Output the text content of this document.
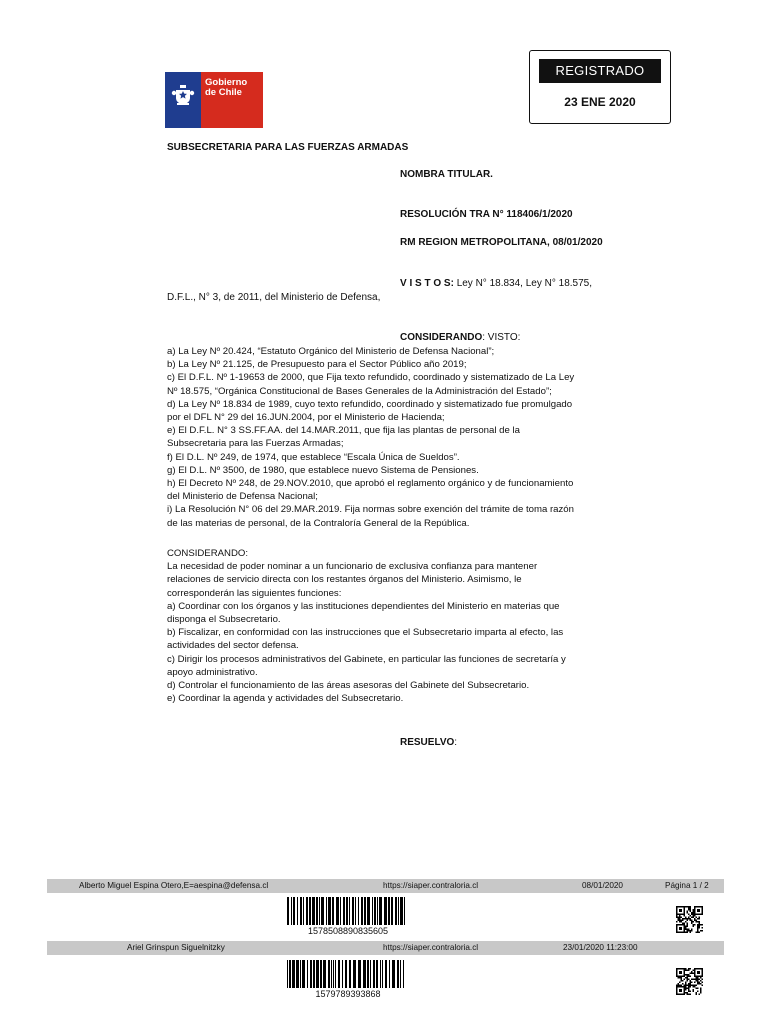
Gobierno
de Chile
REGISTRADO
23 ENE 2020
SUBSECRETARIA PARA LAS FUERZAS ARMADAS
NOMBRA TITULAR.
RESOLUCIÓN TRA N° 118406/1/2020
RM REGION METROPOLITANA, 08/01/2020
V I S T O S: Ley N° 18.834, Ley N° 18.575,
D.F.L., N° 3, de 2011, del Ministerio de Defensa,
CONSIDERANDO: VISTO:
a) La Ley Nº 20.424, “Estatuto Orgánico del Ministerio de Defensa Nacional”;
b) La Ley Nº 21.125, de Presupuesto para el Sector Público año 2019;
c) El D.F.L. Nº 1-19653 de 2000, que Fija texto refundido, coordinado y sistematizado de La Ley
Nº 18.575, “Orgánica Constitucional de Bases Generales de la Administración del Estado”;
d) La Ley Nº 18.834 de 1989, cuyo texto refundido, coordinado y sistematizado fue promulgado
por el DFL N° 29 del 16.JUN.2004, por el Ministerio de Hacienda;
e) El D.F.L. N° 3 SS.FF.AA. del 14.MAR.2011, que fija las plantas de personal de la
Subsecretaria para las Fuerzas Armadas;
f) El D.L. Nº 249, de 1974, que establece “Escala Única de Sueldos”.
g) El D.L. Nº 3500, de 1980, que establece nuevo Sistema de Pensiones.
h) El Decreto Nº 248, de 29.NOV.2010, que aprobó el reglamento orgánico y de funcionamiento
del Ministerio de Defensa Nacional;
i) La Resolución N° 06 del 29.MAR.2019. Fija normas sobre exención del trámite de toma razón
de las materias de personal, de la Contraloría General de la República.
CONSIDERANDO:
La necesidad de poder nominar a un funcionario de exclusiva confianza para mantener
relaciones de servicio directa con los restantes órganos del Ministerio. Asimismo, le
corresponderán las siguientes funciones:
a) Coordinar con los órganos y las instituciones dependientes del Ministerio en materias que
disponga el Subsecretario.
b) Fiscalizar, en conformidad con las instrucciones que el Subsecretario imparta al efecto, las
actividades del sector defensa.
c) Dirigir los procesos administrativos del Gabinete, en particular las funciones de secretaría y
apoyo administrativo.
d) Controlar el funcionamiento de las áreas asesoras del Gabinete del Subsecretario.
e) Coordinar la agenda y actividades del Subsecretario.
RESUELVO:
Alberto Miguel Espina Otero,E=aespina@defensa.cl	https://siaper.contraloria.cl	08/01/2020	Página 1 / 2
1578508890835605
Ariel Grinspun Siguelnitzky	https://siaper.contraloria.cl	23/01/2020 11:23:00
1579789393868
